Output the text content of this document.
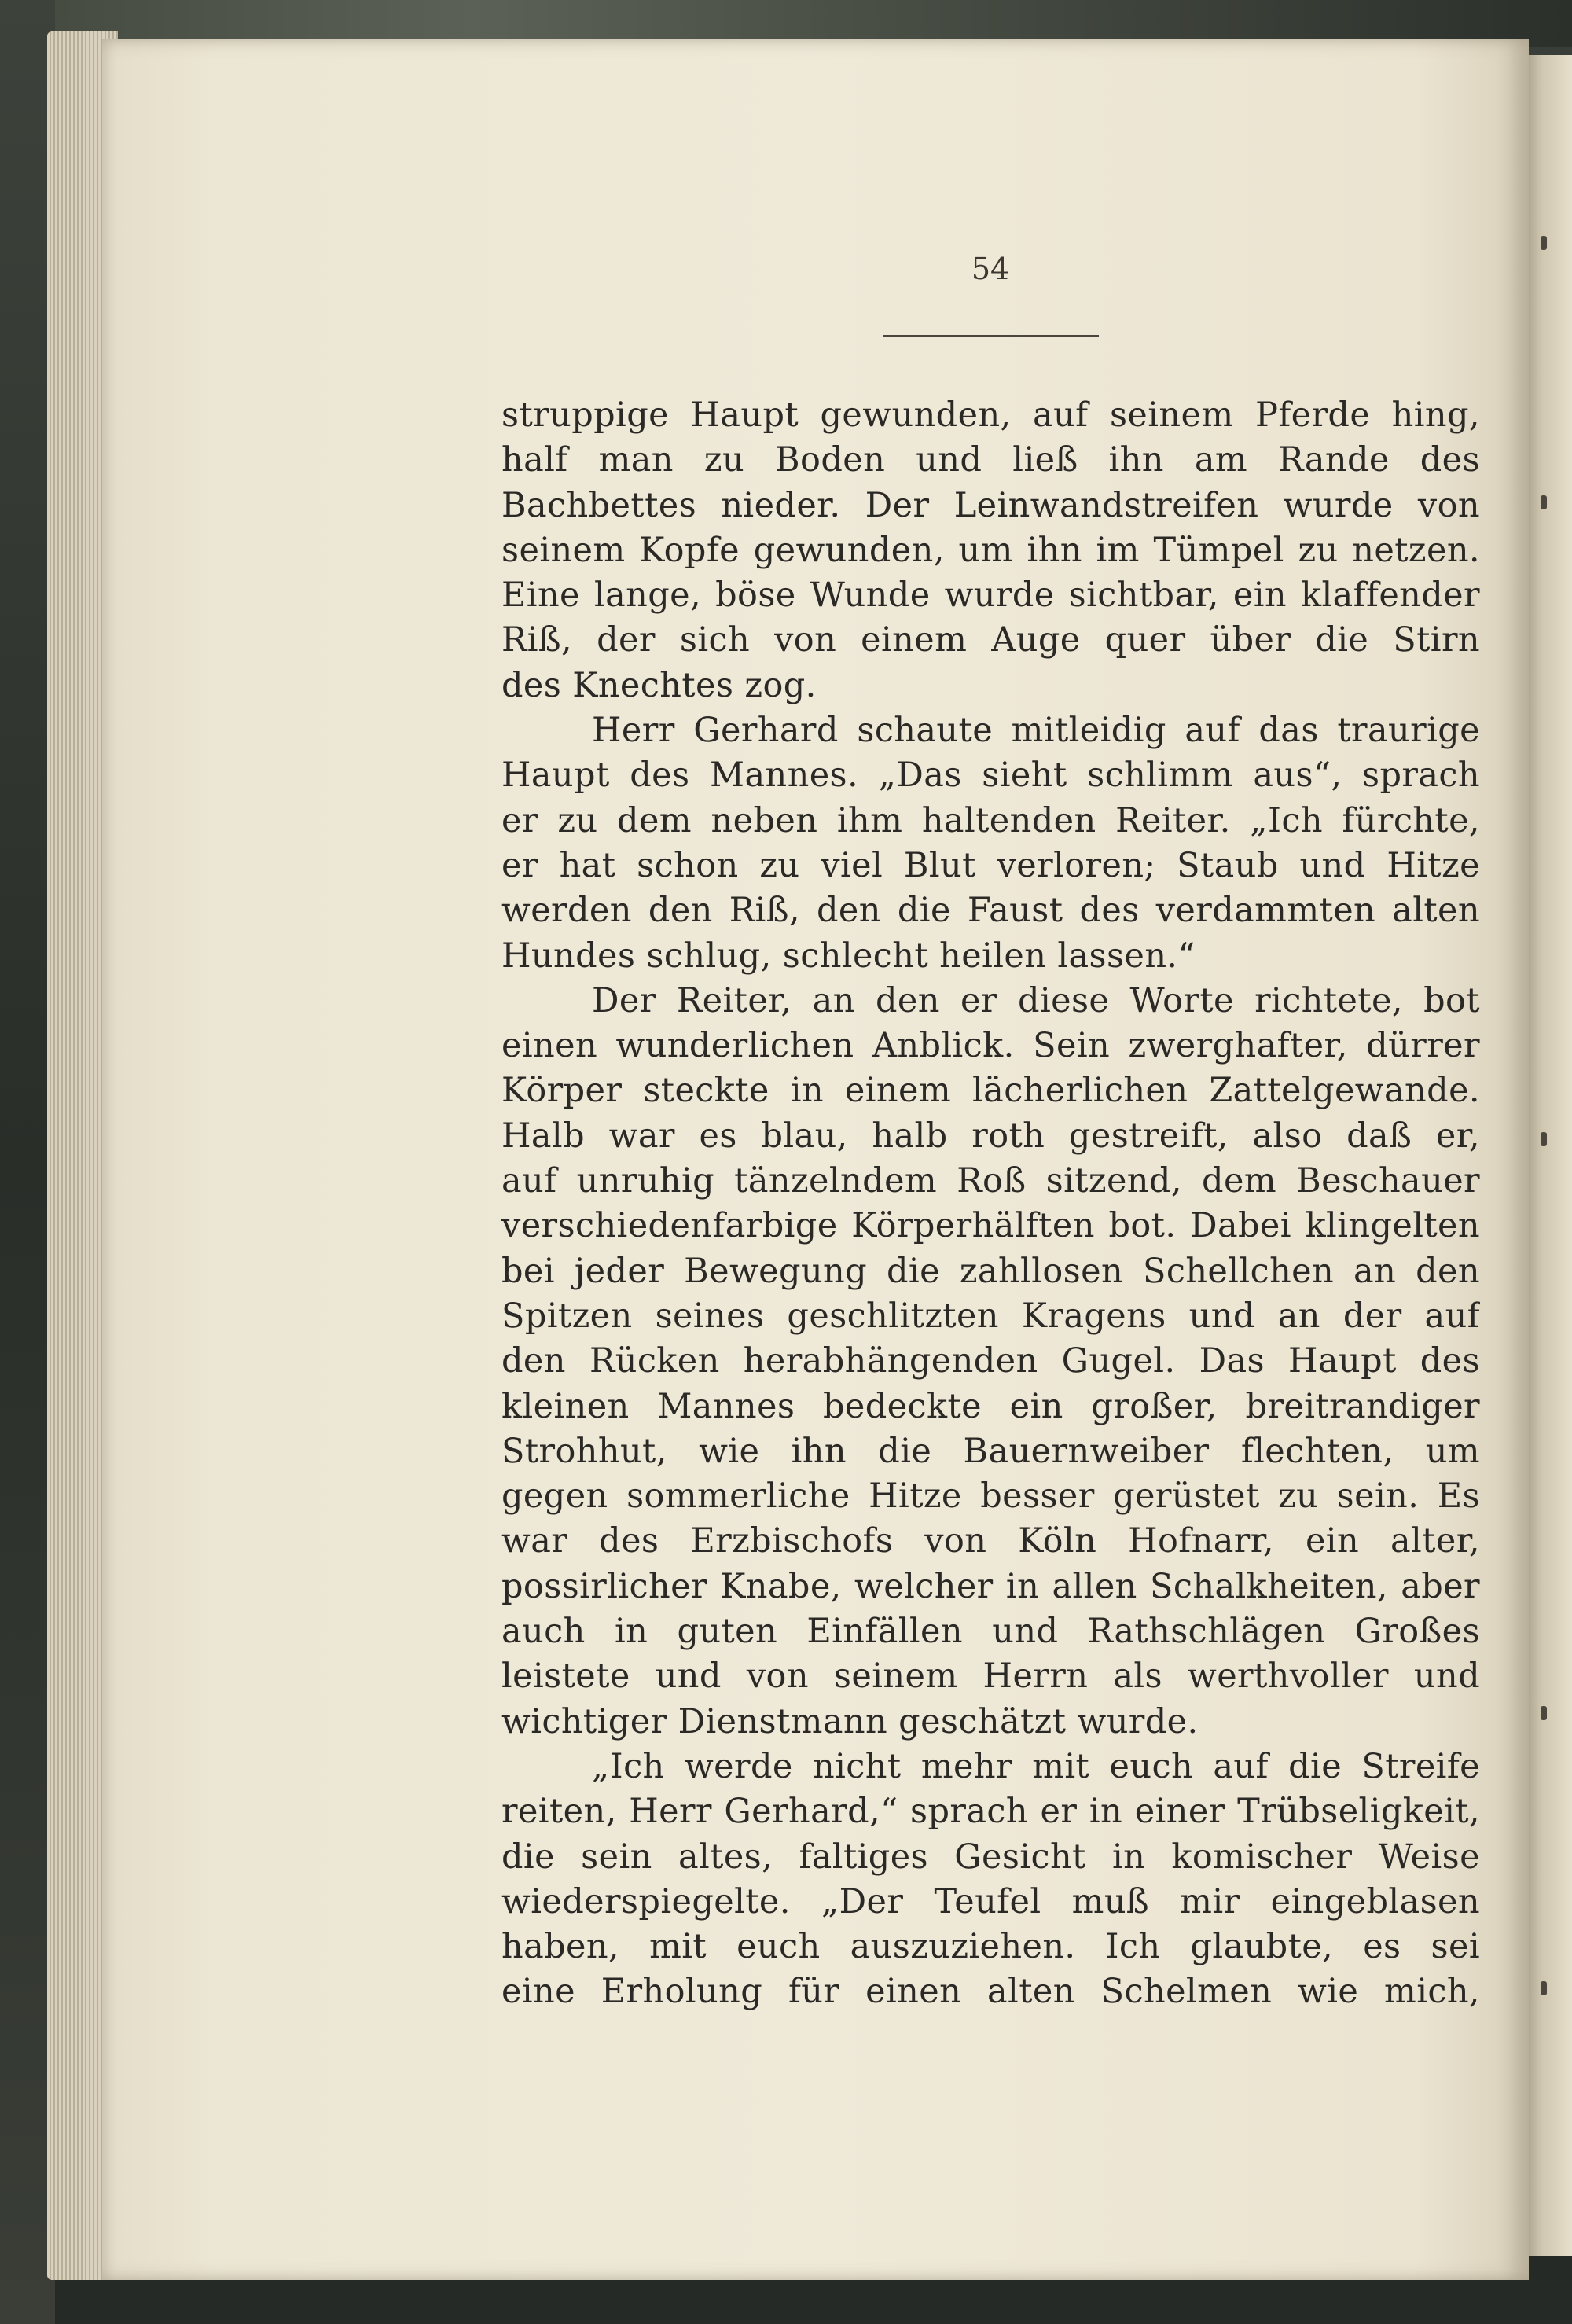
54
struppige Haupt gewunden, auf seinem Pferde hing,
half man zu Boden und ließ ihn am Rande des
Bachbettes nieder. Der Leinwandstreifen wurde von
seinem Kopfe gewunden, um ihn im Tümpel zu netzen.
Eine lange, böse Wunde wurde sichtbar, ein klaffender
Riß, der sich von einem Auge quer über die Stirn
des Knechtes zog.
Herr Gerhard schaute mitleidig auf das traurige
Haupt des Mannes. „Das sieht schlimm aus“, sprach
er zu dem neben ihm haltenden Reiter. „Ich fürchte,
er hat schon zu viel Blut verloren; Staub und Hitze
werden den Riß, den die Faust des verdammten alten
Hundes schlug, schlecht heilen lassen.“
Der Reiter, an den er diese Worte richtete, bot
einen wunderlichen Anblick. Sein zwerghafter, dürrer
Körper steckte in einem lächerlichen Zattelgewande.
Halb war es blau, halb roth gestreift, also daß er,
auf unruhig tänzelndem Roß sitzend, dem Beschauer
verschiedenfarbige Körperhälften bot. Dabei klingelten
bei jeder Bewegung die zahllosen Schellchen an den
Spitzen seines geschlitzten Kragens und an der auf
den Rücken herabhängenden Gugel. Das Haupt des
kleinen Mannes bedeckte ein großer, breitrandiger
Strohhut, wie ihn die Bauernweiber flechten, um
gegen sommerliche Hitze besser gerüstet zu sein. Es
war des Erzbischofs von Köln Hofnarr, ein alter,
possirlicher Knabe, welcher in allen Schalkheiten, aber
auch in guten Einfällen und Rathschlägen Großes
leistete und von seinem Herrn als werthvoller und
wichtiger Dienstmann geschätzt wurde.
„Ich werde nicht mehr mit euch auf die Streife
reiten, Herr Gerhard,“ sprach er in einer Trübseligkeit,
die sein altes, faltiges Gesicht in komischer Weise
wiederspiegelte. „Der Teufel muß mir eingeblasen
haben, mit euch auszuziehen. Ich glaubte, es sei
eine Erholung für einen alten Schelmen wie mich,
